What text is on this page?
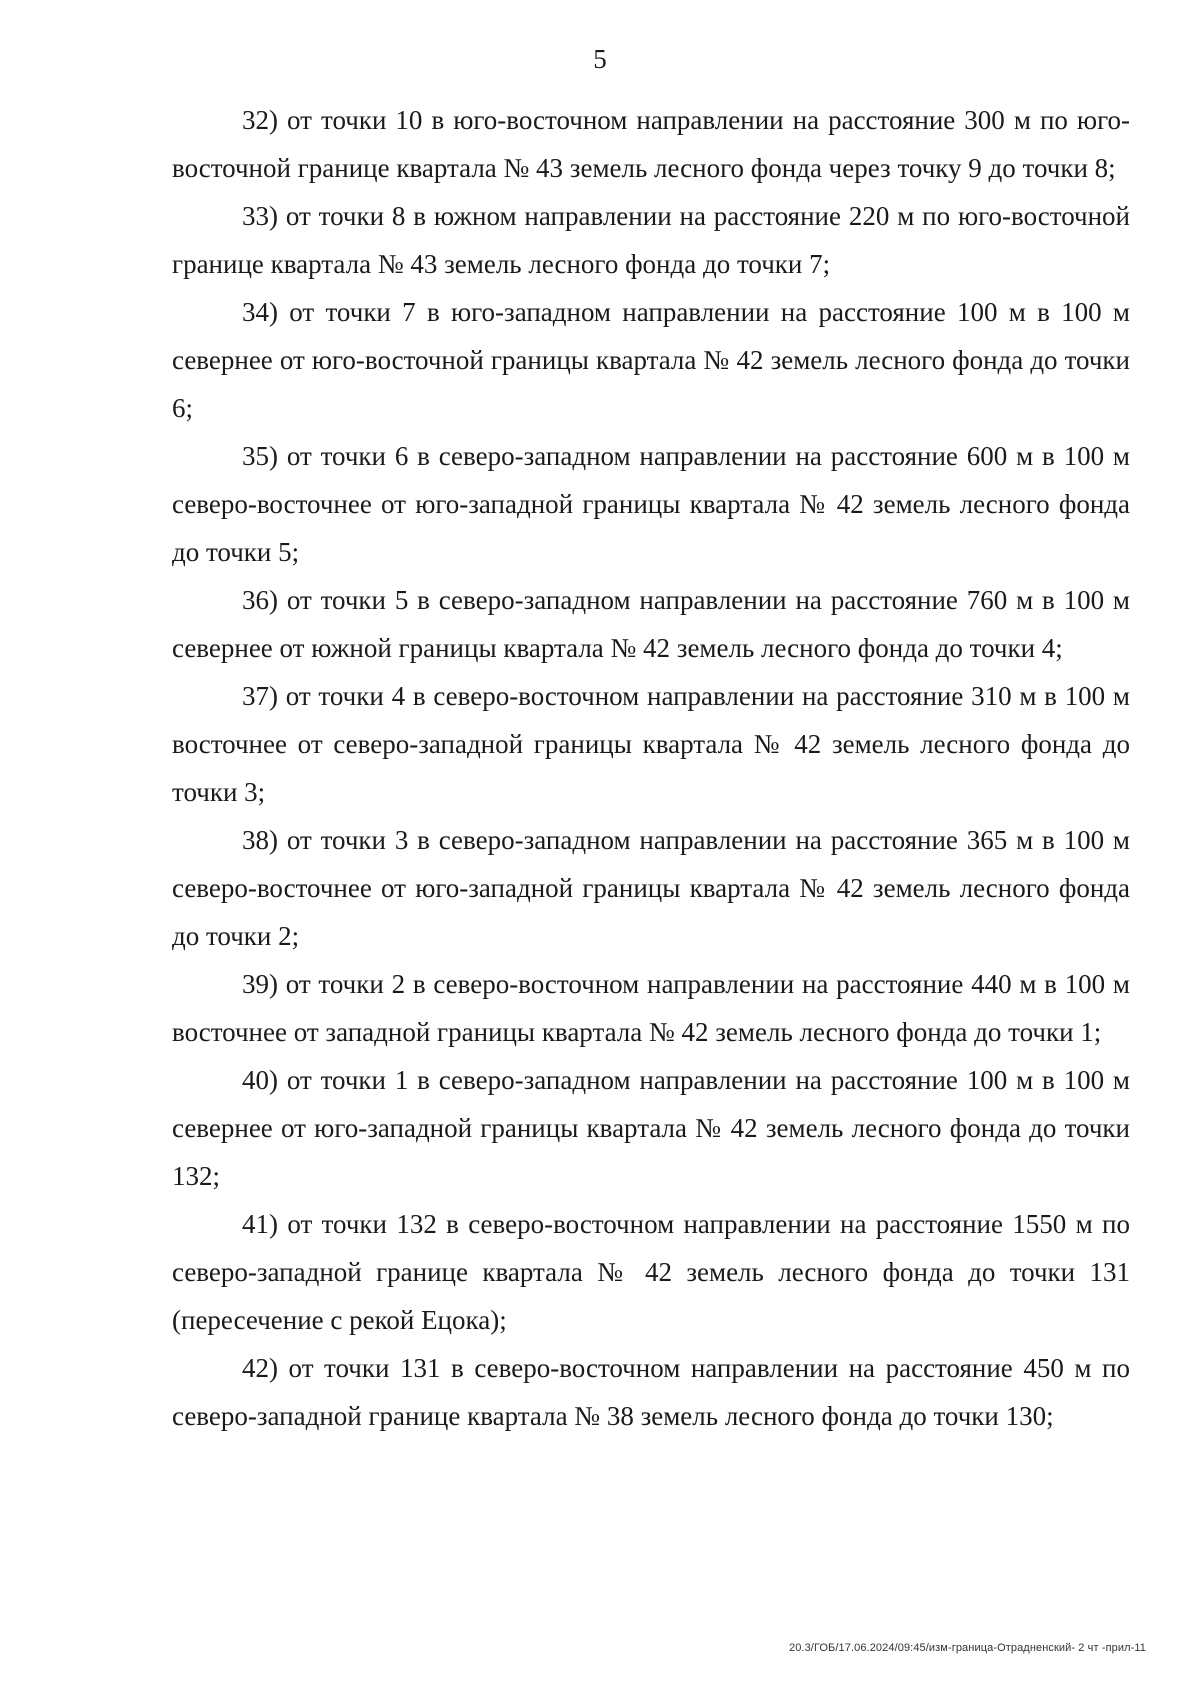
5

32) от точки 10 в юго-восточном направлении на расстояние 300 м по юго-восточной границе квартала № 43 земель лесного фонда через точку 9 до точки 8;

33) от точки 8 в южном направлении на расстояние 220 м по юго-восточной границе квартала № 43 земель лесного фонда до точки 7;

34) от точки 7 в юго-западном направлении на расстояние 100 м в 100 м севернее от юго-восточной границы квартала № 42 земель лесного фонда до точки 6;

35) от точки 6 в северо-западном направлении на расстояние 600 м в 100 м северо-восточнее от юго-западной границы квартала № 42 земель лесного фонда до точки 5;

36) от точки 5 в северо-западном направлении на расстояние 760 м в 100 м севернее от южной границы квартала № 42 земель лесного фонда до точки 4;

37) от точки 4 в северо-восточном направлении на расстояние 310 м в 100 м восточнее от северо-западной границы квартала № 42 земель лесного фонда до точки 3;

38) от точки 3 в северо-западном направлении на расстояние 365 м в 100 м северо-восточнее от юго-западной границы квартала № 42 земель лесного фонда до точки 2;

39) от точки 2 в северо-восточном направлении на расстояние 440 м в 100 м восточнее от западной границы квартала № 42 земель лесного фонда до точки 1;

40) от точки 1 в северо-западном направлении на расстояние 100 м в 100 м севернее от юго-западной границы квартала № 42 земель лесного фонда до точки 132;

41) от точки 132 в северо-восточном направлении на расстояние 1550 м по северо-западной границе квартала № 42 земель лесного фонда до точки 131 (пересечение с рекой Ецока);

42) от точки 131 в северо-восточном направлении на расстояние 450 м по северо-западной границе квартала № 38 земель лесного фонда до точки 130;

20.3/ГОБ/17.06.2024/09:45/изм-граница-Отрадненский- 2 чт -прил-11
